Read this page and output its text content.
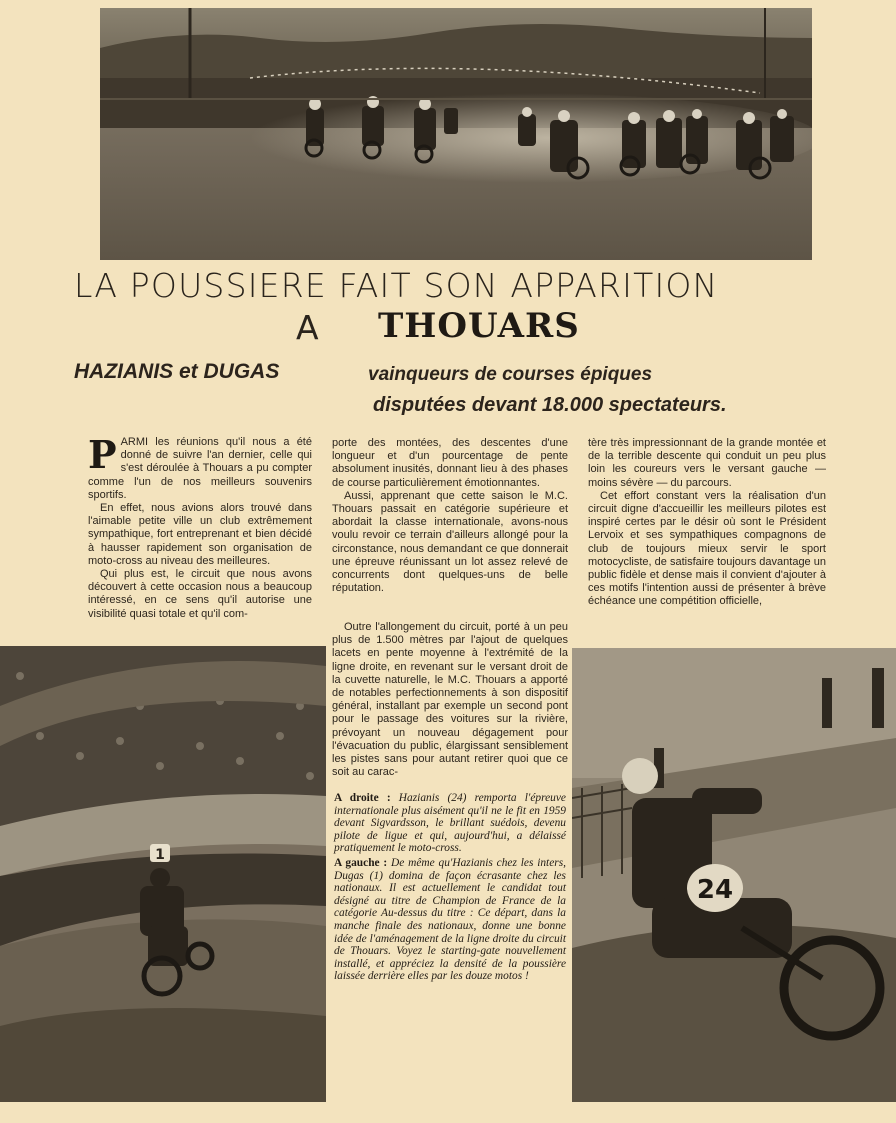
LA POUSSIERE FAIT SON APPARITION
A THOUARS
HAZIANIS et DUGAS	vainqueurs de courses épiques
disputées devant 18.000 spectateurs.

PARMI les réunions qu'il nous a été donné de suivre l'an dernier, celle qui s'est déroulée à Thouars a pu compter comme l'un de nos meilleurs souvenirs sportifs.

En effet, nous avions alors trouvé dans l'aimable petite ville un club extrêmement sympathique, fort entreprenant et bien décidé à hausser rapidement son organisation de moto-cross au niveau des meilleures.

Qui plus est, le circuit que nous avons découvert à cette occasion nous a beaucoup intéressé, en ce sens qu'il autorise une visibilité quasi totale et qu'il com-

porte des montées, des descentes d'une longueur et d'un pourcentage de pente absolument inusités, donnant lieu à des phases de course particulièrement émotionnantes.

Aussi, apprenant que cette saison le M.C. Thouars passait en catégorie supérieure et abordait la classe internationale, avons-nous voulu revoir ce terrain d'ailleurs allongé pour la circonstance, nous demandant ce que donnerait une épreuve réunissant un lot assez relevé de concurrents dont quelques-uns de belle réputation.

Outre l'allongement du circuit, porté à un peu plus de 1.500 mètres par l'ajout de quelques lacets en pente moyenne à l'extrémité de la ligne droite, en revenant sur le versant droit de la cuvette naturelle, le M.C. Thouars a apporté de notables perfectionnements à son dispositif général, installant par exemple un second pont pour le passage des voitures sur la rivière, prévoyant un nouveau dégagement pour l'évacuation du public, élargissant sensiblement les pistes sans pour autant retirer quoi que ce soit au carac-

tère très impressionnant de la grande montée et de la terrible descente qui conduit un peu plus loin les coureurs vers le versant gauche — moins sévère — du parcours.

Cet effort constant vers la réalisation d'un circuit digne d'accueillir les meilleurs pilotes est inspiré certes par le désir où sont le Président Lervoix et ses sympathiques compagnons de club de toujours mieux servir le sport motocycliste, de satisfaire toujours davantage un public fidèle et dense mais il convient d'ajouter à ces motifs l'intention aussi de présenter à brève échéance une compétition officielle,

1

A droite : Hazianis (24) remporta l'épreuve internationale plus aisément qu'il ne le fit en 1959 devant Sigvardsson, le brillant suédois, devenu pilote de ligue et qui, aujourd'hui, a délaissé pratiquement le moto-cross.

A gauche : De même qu'Hazianis chez les inters, Dugas (1) domina de façon écrasante chez les nationaux. Il est actuellement le candidat tout désigné au titre de Champion de France de la catégorie Au-dessus du titre : Ce départ, dans la manche finale des nationaux, donne une bonne idée de l'aménagement de la ligne droite du circuit de Thouars. Voyez le starting-gate nouvellement installé, et appréciez la densité de la poussière laissée derrière elles par les douze motos !

24
